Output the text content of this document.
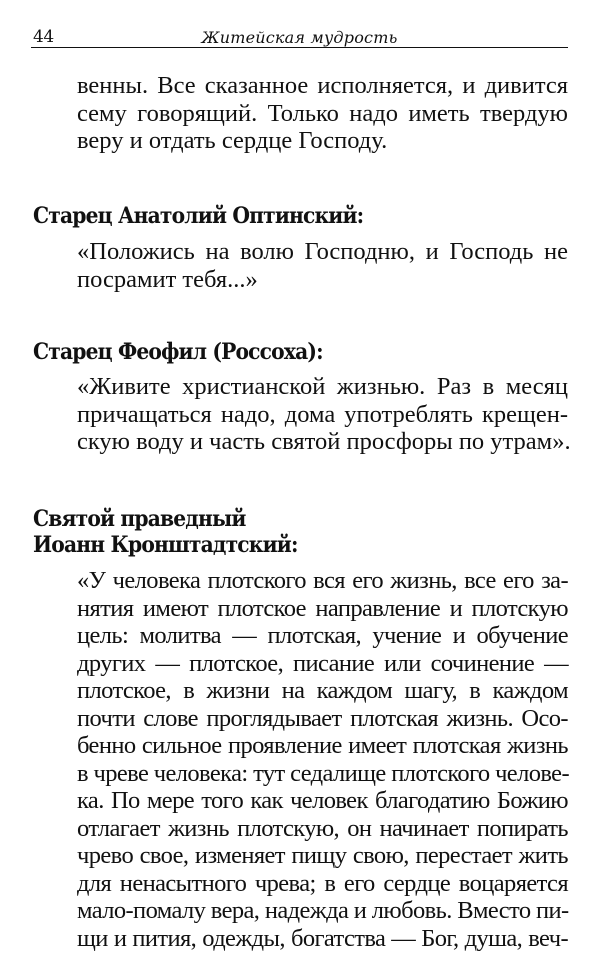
44	Житейская мудрость
венны. Все сказанное исполняется, и дивится
сему говорящий. Только надо иметь твердую
веру и отдать сердце Господу.
Старец Анатолий Оптинский:
«Положись на волю Господню, и Господь не
посрамит тебя...»
Старец Феофил (Россоха):
«Живите христианской жизнью. Раз в месяц
причащаться надо, дома употреблять крещен-
скую воду и часть святой просфоры по утрам».
Святой праведный
Иоанн Кронштадтский:
«У человека плотского вся его жизнь, все его за-
нятия имеют плотское направление и плотскую
цель: молитва — плотская, учение и обучение
других — плотское, писание или сочинение —
плотское, в жизни на каждом шагу, в каждом
почти слове проглядывает плотская жизнь. Осо-
бенно сильное проявление имеет плотская жизнь
в чреве человека: тут седалище плотского челове-
ка. По мере того как человек благодатию Божию
отлагает жизнь плотскую, он начинает попирать
чрево свое, изменяет пищу свою, перестает жить
для ненасытного чрева; в его сердце воцаряется
мало-помалу вера, надежда и любовь. Вместо пи-
щи и пития, одежды, богатства — Бог, душа, веч-
